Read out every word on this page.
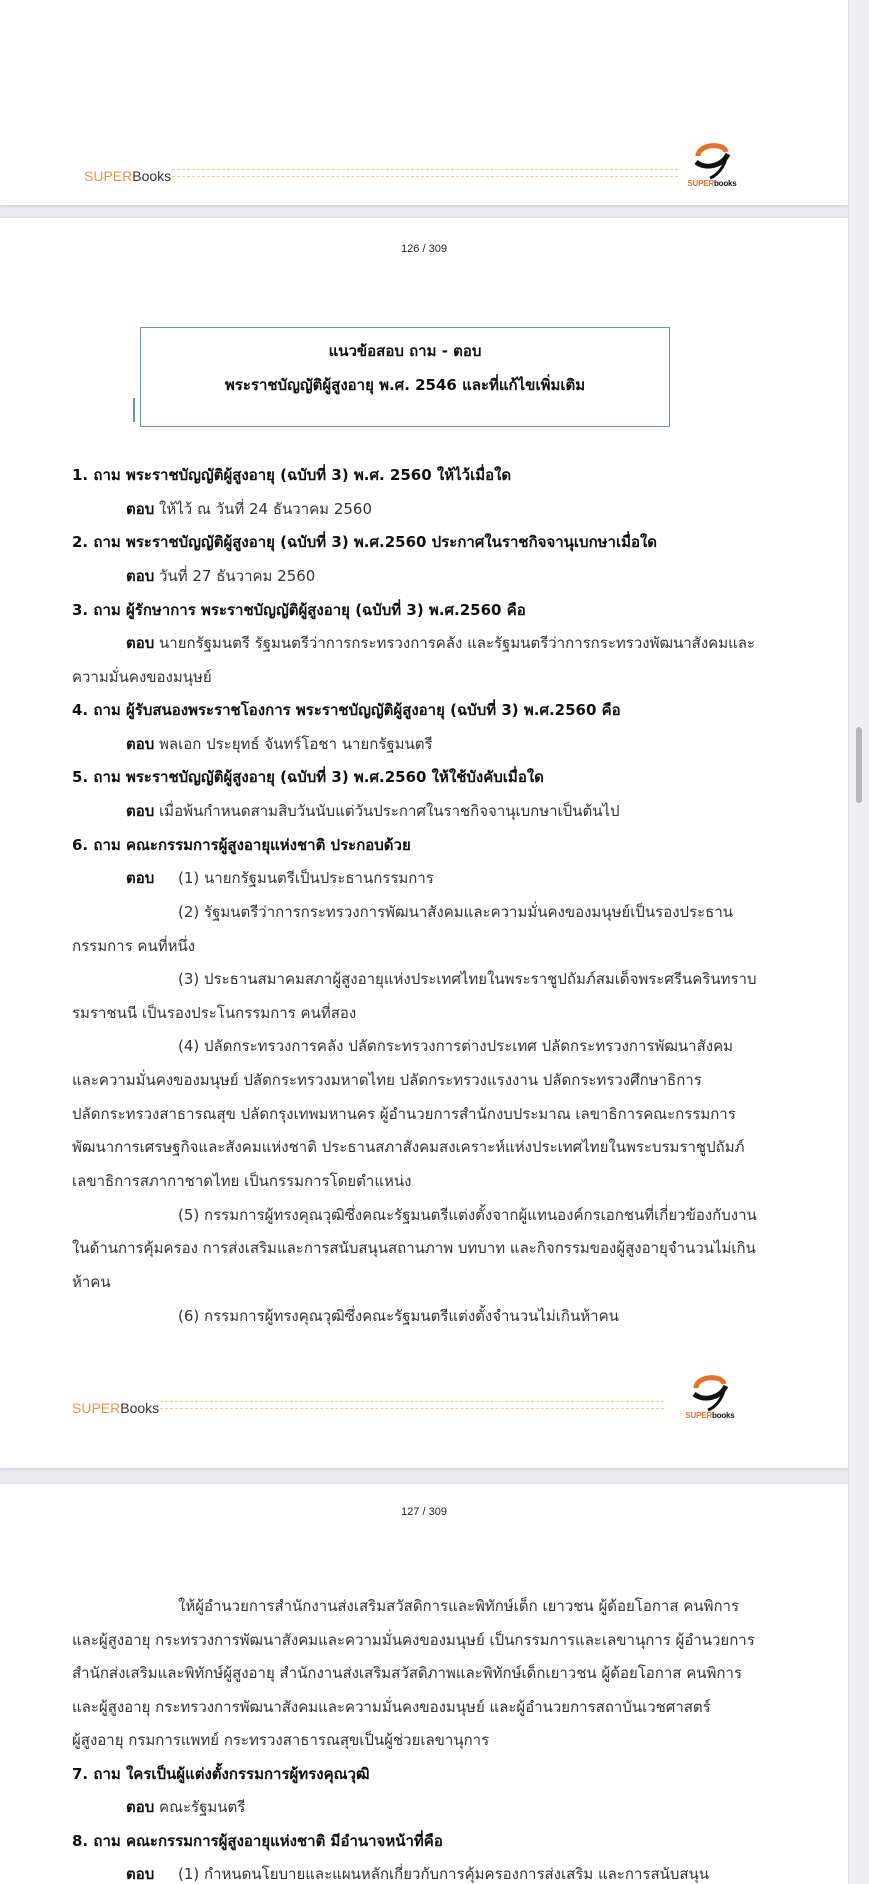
SUPERBooks	SUPERbooks
126 / 309
แนวข้อสอบ ถาม - ตอบ
พระราชบัญญัติผู้สูงอายุ พ.ศ. 2546 และที่แก้ไขเพิ่มเติม
1. ถาม พระราชบัญญัติผู้สูงอายุ (ฉบับที่ 3) พ.ศ. 2560 ให้ไว้เมื่อใด
ตอบ ให้ไว้ ณ วันที่ 24 ธันวาคม 2560
2. ถาม พระราชบัญญัติผู้สูงอายุ (ฉบับที่ 3) พ.ศ.2560 ประกาศในราชกิจจานุเบกษาเมื่อใด
ตอบ วันที่ 27 ธันวาคม 2560
3. ถาม ผู้รักษาการ พระราชบัญญัติผู้สูงอายุ (ฉบับที่ 3) พ.ศ.2560 คือ
ตอบ นายกรัฐมนตรี รัฐมนตรีว่าการกระทรวงการคลัง และรัฐมนตรีว่าการกระทรวงพัฒนาสังคมและ
ความมั่นคงของมนุษย์
4. ถาม ผู้รับสนองพระราชโองการ พระราชบัญญัติผู้สูงอายุ (ฉบับที่ 3) พ.ศ.2560 คือ
ตอบ พลเอก ประยุทธ์ จันทร์โอชา นายกรัฐมนตรี
5. ถาม พระราชบัญญัติผู้สูงอายุ (ฉบับที่ 3) พ.ศ.2560 ให้ใช้บังคับเมื่อใด
ตอบ เมื่อพ้นกำหนดสามสิบวันนับแต่วันประกาศในราชกิจจานุเบกษาเป็นต้นไป
6. ถาม คณะกรรมการผู้สูงอายุแห่งชาติ ประกอบด้วย
ตอบ (1) นายกรัฐมนตรีเป็นประธานกรรมการ
(2) รัฐมนตรีว่าการกระทรวงการพัฒนาสังคมและความมั่นคงของมนุษย์เป็นรองประธาน
กรรมการ คนที่หนึ่ง
(3) ประธานสมาคมสภาผู้สูงอายุแห่งประเทศไทยในพระราชูปถัมภ์สมเด็จพระศรีนครินทราบ
รมราชนนี เป็นรองประโนกรรมการ คนที่สอง
(4) ปลัดกระทรวงการคลัง ปลัดกระทรวงการต่างประเทศ ปลัดกระทรวงการพัฒนาสังคม
และความมั่นคงของมนุษย์ ปลัดกระทรวงมหาดไทย ปลัดกระทรวงแรงงาน ปลัดกระทรวงศึกษาธิการ
ปลัดกระทรวงสาธารณสุข ปลัดกรุงเทพมหานคร ผู้อำนวยการสำนักงบประมาณ เลขาธิการคณะกรรมการ
พัฒนาการเศรษฐกิจและสังคมแห่งชาติ ประธานสภาสังคมสงเคราะห์แห่งประเทศไทยในพระบรมราชูปถัมภ์
เลขาธิการสภากาชาดไทย เป็นกรรมการโดยตำแหน่ง
(5) กรรมการผู้ทรงคุณวุฒิซึ่งคณะรัฐมนตรีแต่งตั้งจากผู้แทนองค์กรเอกชนที่เกี่ยวข้องกับงาน
ในด้านการคุ้มครอง การส่งเสริมและการสนับสนุนสถานภาพ บทบาท และกิจกรรมของผู้สูงอายุจำนวนไม่เกิน
ห้าคน
(6) กรรมการผู้ทรงคุณวุฒิซึ่งคณะรัฐมนตรีแต่งตั้งจำนวนไม่เกินห้าคน
SUPERBooks	SUPERbooks
127 / 309
ให้ผู้อำนวยการสำนักงานส่งเสริมสวัสดิการและพิทักษ์เด็ก เยาวชน ผู้ด้อยโอกาส คนพิการ
และผู้สูงอายุ กระทรวงการพัฒนาสังคมและความมั่นคงของมนุษย์ เป็นกรรมการและเลขานุการ ผู้อำนวยการ
สำนักส่งเสริมและพิทักษ์ผู้สูงอายุ สำนักงานส่งเสริมสวัสดิภาพและพิทักษ์เด็กเยาวชน ผู้ด้อยโอกาส คนพิการ
และผู้สูงอายุ กระทรวงการพัฒนาสังคมและความมั่นคงของมนุษย์ และผู้อำนวยการสถาบันเวชศาสตร์
ผู้สูงอายุ กรมการแพทย์ กระทรวงสาธารณสุขเป็นผู้ช่วยเลขานุการ
7. ถาม ใครเป็นผู้แต่งตั้งกรรมการผู้ทรงคุณวุฒิ
ตอบ คณะรัฐมนตรี
8. ถาม คณะกรรมการผู้สูงอายุแห่งชาติ มีอำนาจหน้าที่คือ
ตอบ (1) กำหนดนโยบายและแผนหลักเกี่ยวกับการคุ้มครองการส่งเสริม และการสนับสนุน
